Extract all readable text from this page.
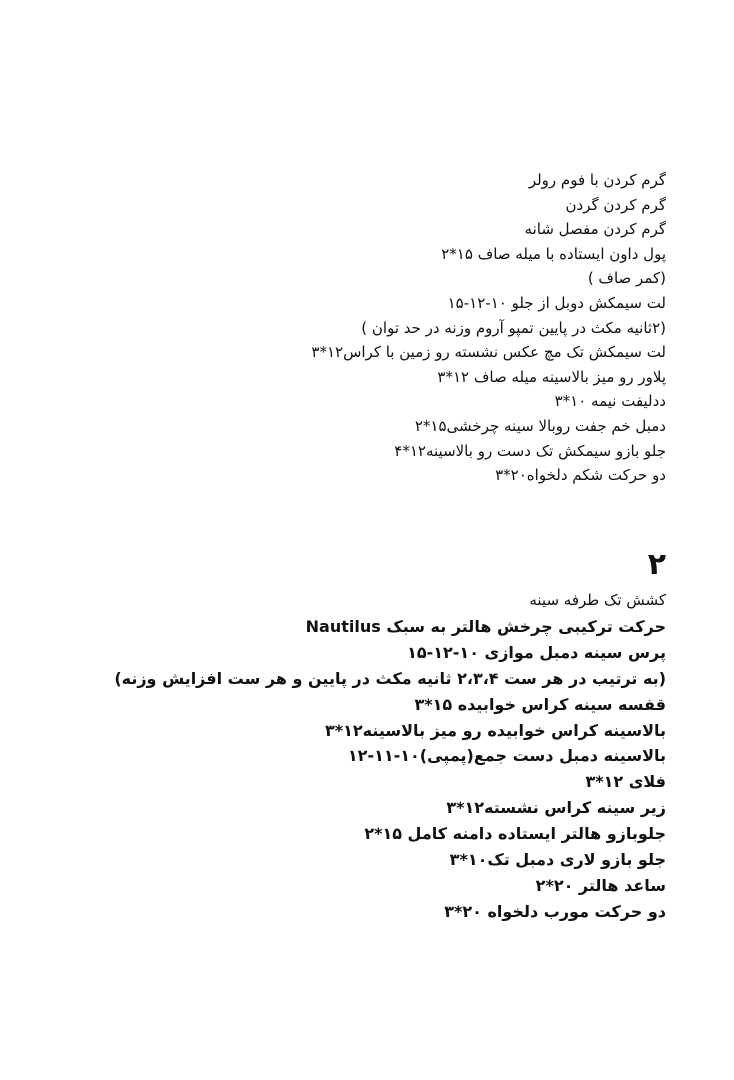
گرم کردن با فوم رولر
گرم کردن گردن
گرم کردن مفصل شانه
پول داون ایستاده با میله صاف ۱۵*۲
(کمر صاف )
لت سیمکش دوبل از جلو ۱۰-۱۲-۱۵
(۲ثانیه مکث در پایین تمپو آروم وزنه در حد توان )
لت سیمکش تک مچ عکس نشسته رو زمین با کراس۱۲*۳
پلاور رو میز بالاسینه میله صاف ۱۲*۳
ددلیفت نیمه ۱۰*۳
دمبل خم جفت روبالا سینه چرخشی۱۵*۲
جلو بازو سیمکش تک دست رو بالاسینه۱۲*۴
دو حرکت شکم دلخواه۲۰*۳
۲
کشش تک طرفه سینه
حرکت ترکیبی چرخش هالتر به سبک Nautilus
پرس سینه دمبل موازی ۱۰-۱۲-۱۵
(به ترتیب در هر ست ۲،۳،۴ ثانیه مکث در پایین و هر ست افزایش وزنه)
قفسه سینه کراس خوابیده ۱۵*۳
بالاسینه کراس خوابیده رو میز بالاسینه۱۲*۳
بالاسینه دمبل دست جمع(پمپی)۱۰-۱۱-۱۲
فلای ۱۲*۳
زیر سینه کراس نشسته۱۲*۳
جلوبازو هالتر ایستاده دامنه کامل ۱۵*۲
جلو بازو لاری دمبل تک۱۰*۳
ساعد هالتر ۲۰*۲
دو حرکت مورب دلخواه ۲۰*۳
